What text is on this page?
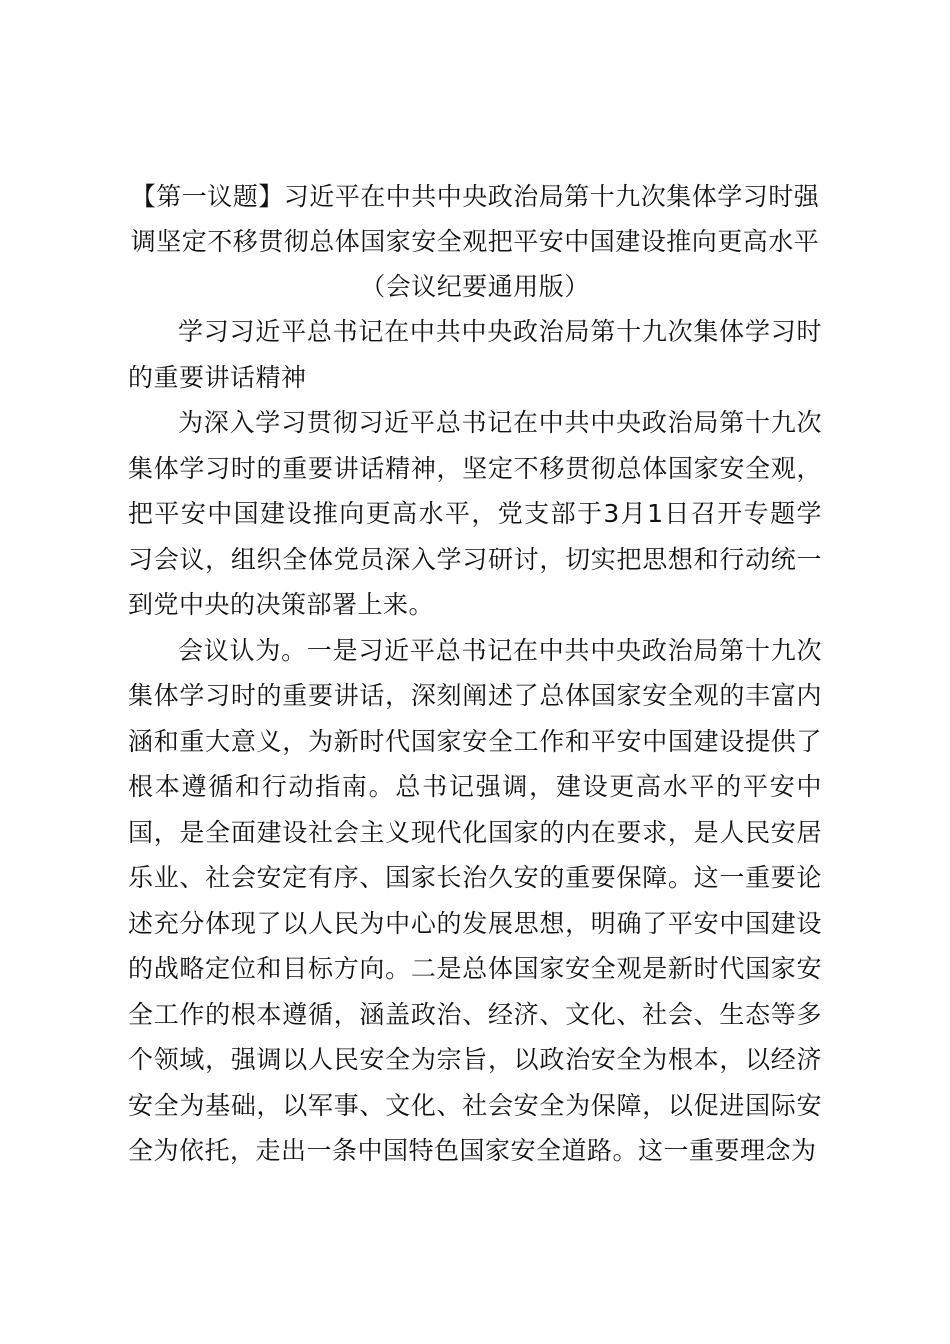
【第一议题】习近平在中共中央政治局第十九次集体学习时强
调坚定不移贯彻总体国家安全观把平安中国建设推向更高水平
（会议纪要通用版）

学习习近平总书记在中共中央政治局第十九次集体学习时的重要讲话精神

为深入学习贯彻习近平总书记在中共中央政治局第十九次集体学习时的重要讲话精神，坚定不移贯彻总体国家安全观，把平安中国建设推向更高水平，党支部于3月1日召开专题学习会议，组织全体党员深入学习研讨，切实把思想和行动统一到党中央的决策部署上来。

会议认为。一是习近平总书记在中共中央政治局第十九次集体学习时的重要讲话，深刻阐述了总体国家安全观的丰富内涵和重大意义，为新时代国家安全工作和平安中国建设提供了根本遵循和行动指南。总书记强调，建设更高水平的平安中国，是全面建设社会主义现代化国家的内在要求，是人民安居乐业、社会安定有序、国家长治久安的重要保障。这一重要论述充分体现了以人民为中心的发展思想，明确了平安中国建设的战略定位和目标方向。二是总体国家安全观是新时代国家安全工作的根本遵循，涵盖政治、经济、文化、社会、生态等多个领域，强调以人民安全为宗旨，以政治安全为根本，以经济安全为基础，以军事、文化、社会安全为保障，以促进国际安全为依托，走出一条中国特色国家安全道路。这一重要理念为
